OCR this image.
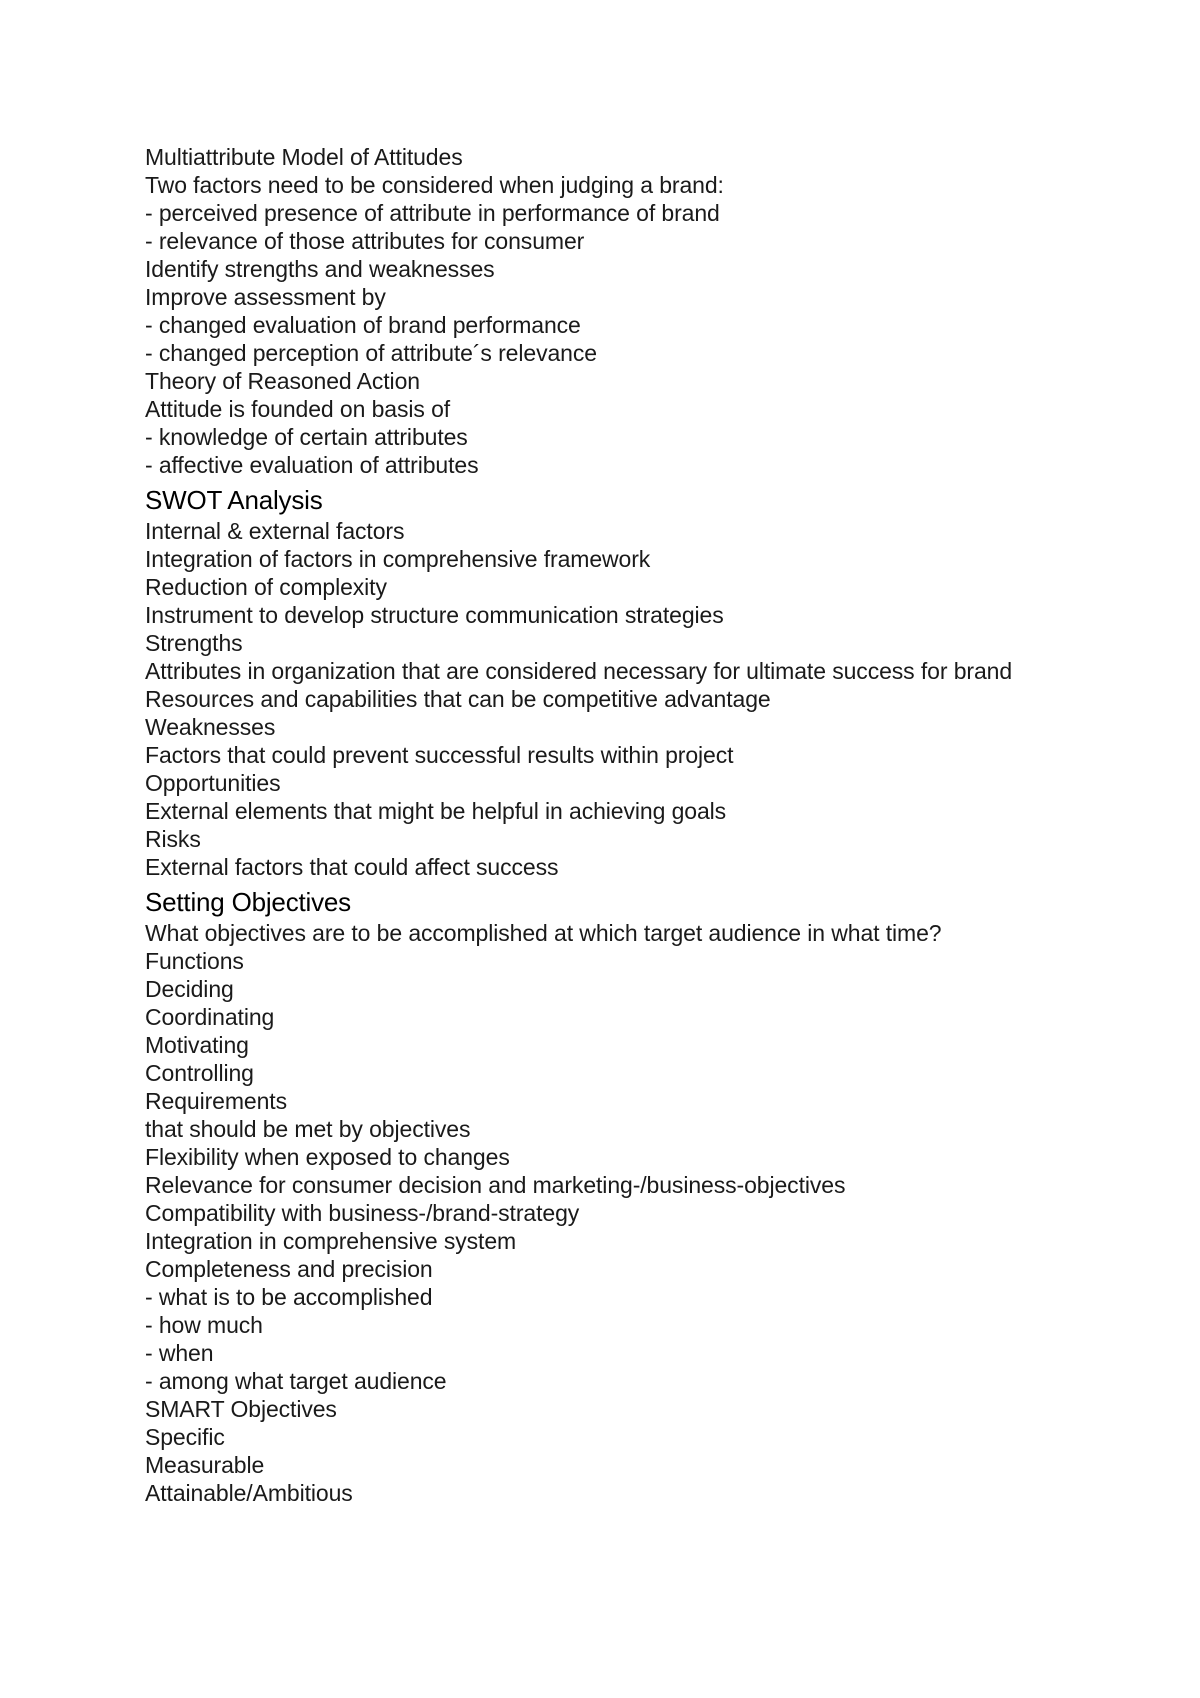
Multiattribute Model of Attitudes
Two factors need to be considered when judging a brand:
- perceived presence of attribute in performance of brand
- relevance of those attributes for consumer
Identify strengths and weaknesses
Improve assessment by
- changed evaluation of brand performance
- changed perception of attribute´s relevance
Theory of Reasoned Action
Attitude is founded on basis of
- knowledge of certain attributes
- affective evaluation of attributes
SWOT Analysis
Internal & external factors
Integration of factors in comprehensive framework
Reduction of complexity
Instrument to develop structure communication strategies
Strengths
Attributes in organization that are considered necessary for ultimate success for brand
Resources and capabilities that can be competitive advantage
Weaknesses
Factors that could prevent successful results within project
Opportunities
External elements that might be helpful in achieving goals
Risks
External factors that could affect success
Setting Objectives
What objectives are to be accomplished at which target audience in what time?
Functions
Deciding
Coordinating
Motivating
Controlling
Requirements
that should be met by objectives
Flexibility when exposed to changes
Relevance for consumer decision and marketing-/business-objectives
Compatibility with business-/brand-strategy
Integration in comprehensive system
Completeness and precision
- what is to be accomplished
- how much
- when
- among what target audience
SMART Objectives
Specific
Measurable
Attainable/Ambitious
